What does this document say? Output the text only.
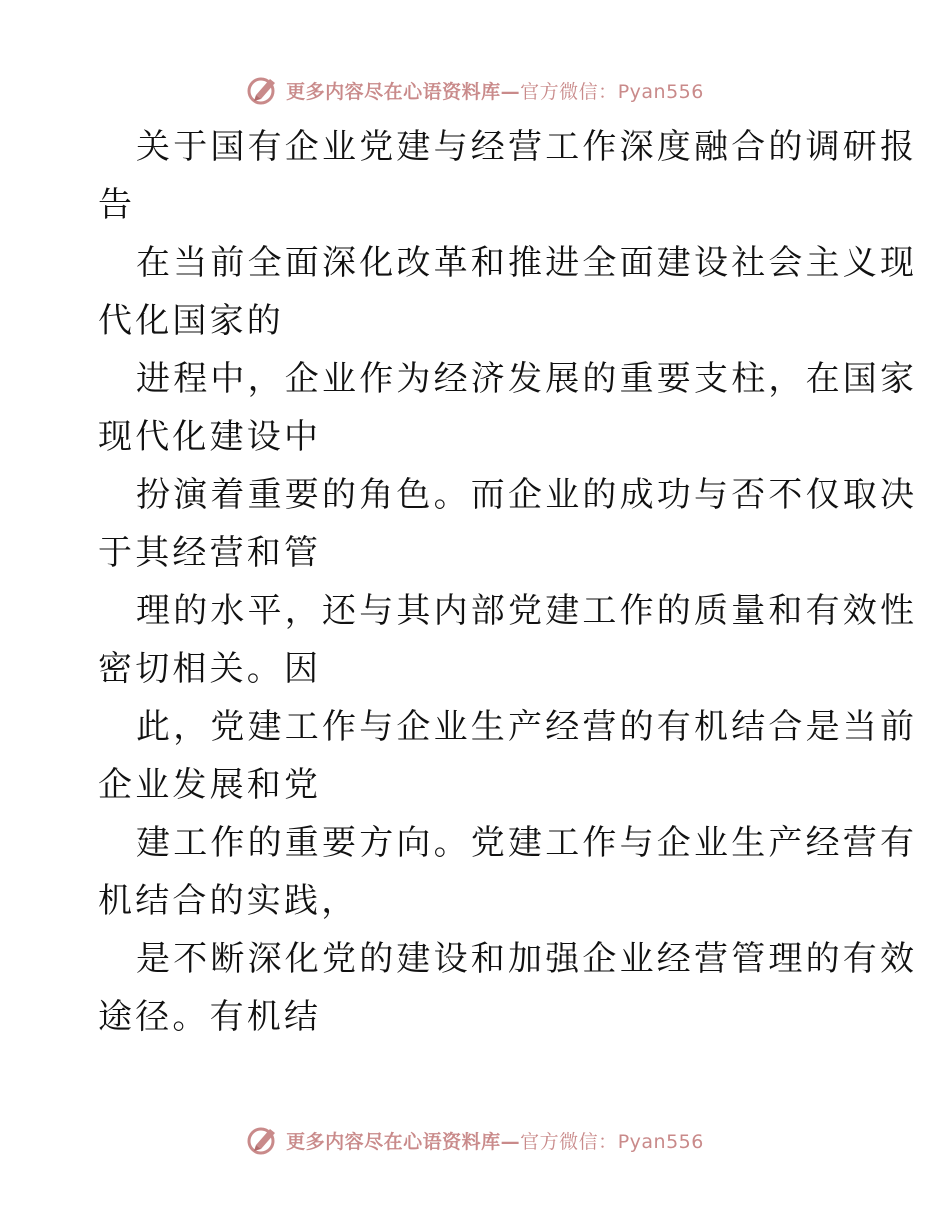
更多内容尽在心语资料库—官方微信：Pyan556

关于国有企业党建与经营工作深度融合的调研报
告

在当前全面深化改革和推进全面建设社会主义现
代化国家的

进程中，企业作为经济发展的重要支柱，在国家
现代化建设中

扮演着重要的角色。而企业的成功与否不仅取决
于其经营和管

理的水平，还与其内部党建工作的质量和有效性
密切相关。因

此，党建工作与企业生产经营的有机结合是当前
企业发展和党

建工作的重要方向。党建工作与企业生产经营有
机结合的实践，

是不断深化党的建设和加强企业经营管理的有效
途径。有机结

更多内容尽在心语资料库—官方微信：Pyan556
